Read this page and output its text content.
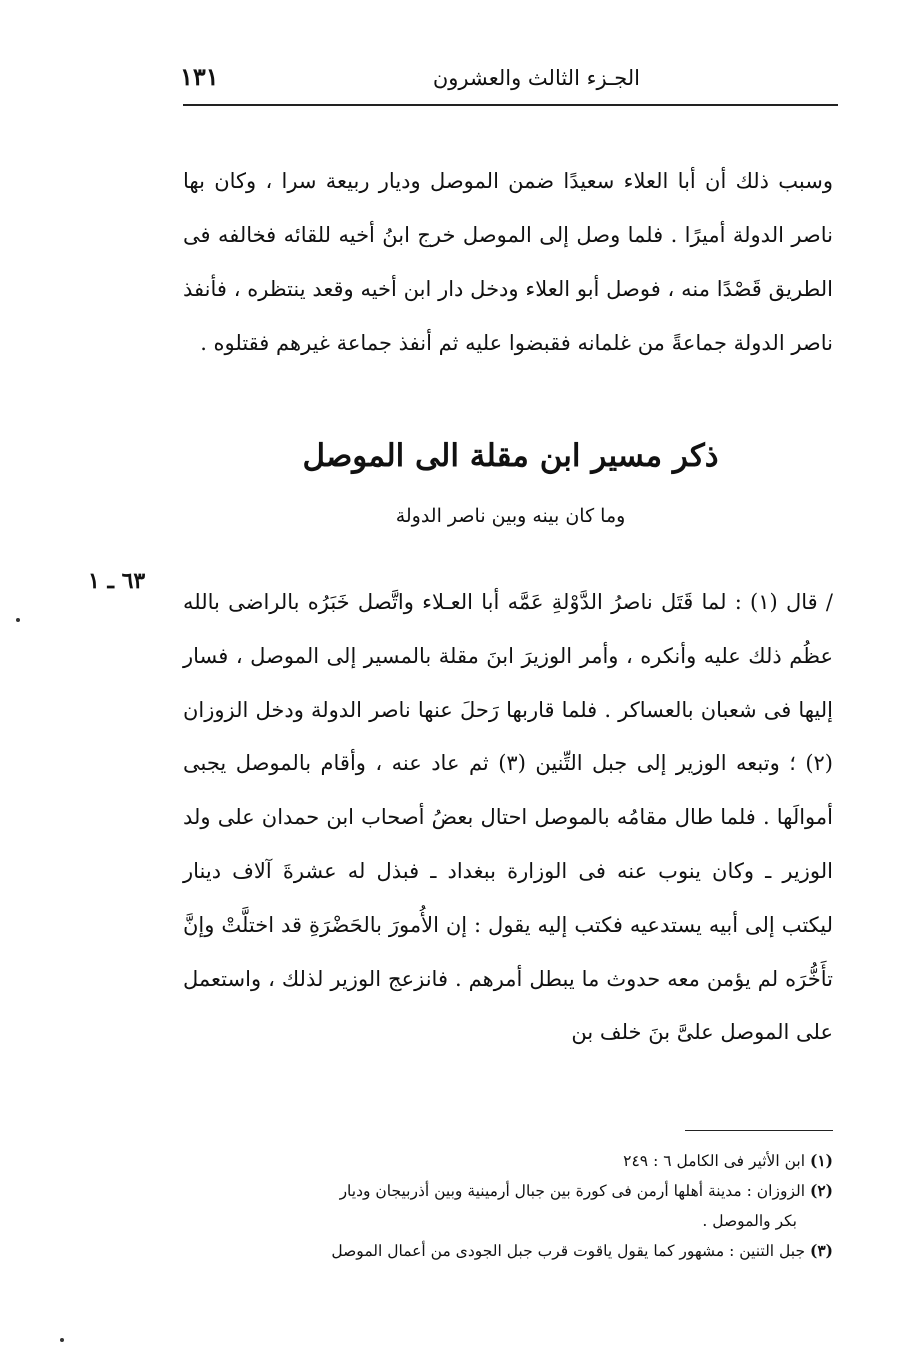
١٣١	الجـزء الثالث والعشرون

وسبب ذلك أن أبا العلاء سعيدًا ضمن الموصل وديار ربيعة سرا ، وكان بها ناصر الدولة أميرًا . فلما وصل إلى الموصل خرج ابنُ أخيه للقائه فخالفه فى الطريق قَصْدًا منه ، فوصل أبو العلاء ودخل دار ابن أخيه وقعد ينتظره ، فأنفذ ناصر الدولة جماعةً من غلمانه فقبضوا عليه ثم أنفذ جماعة غيرهم فقتلوه .

ذكر مسير ابن مقلة الى الموصل
وما كان بينه وبين ناصر الدولة
٦٣ ـ ١

/ قال (١) : لما قَتَل ناصرُ الدَّوْلةِ عَمَّه أبا العـلاء واتَّصل خَبَرُه بالراضى بالله عظُم ذلك عليه وأنكره ، وأمر الوزيرَ ابنَ مقلة بالمسير إلى الموصل ، فسار إليها فى شعبان بالعساكر . فلما قاربها رَحلَ عنها ناصر الدولة ودخل الزوزان (٢) ؛ وتبعه الوزير إلى جبل التِّنين (٣) ثم عاد عنه ، وأقام بالموصل يجبى أموالَها . فلما طال مقامُه بالموصل احتال بعضُ أصحاب ابن حمدان على ولد الوزير ـ وكان ينوب عنه فى الوزارة ببغداد ـ فبذل له عشرةَ آلاف دينار ليكتب إلى أبيه يستدعيه فكتب إليه يقول : إن الأُمورَ بالحَضْرَةِ قد اختلَّتْ وإنَّ تأَخُّرَه لم يؤمن معه حدوث ما يبطل أمرهم . فانزعج الوزير لذلك ، واستعمل على الموصل علىَّ بنَ خلف بن

(١) ابن الأثير فى الكامل ٦ : ٢٤٩

(٢) الزوزان : مدينة أهلها أرمن فى كورة بين جبال أرمينية وبين أذربيجان وديار

بكر والموصل .

(٣) جبل التنين : مشهور كما يقول ياقوت قرب جبل الجودى من أعمال الموصل
